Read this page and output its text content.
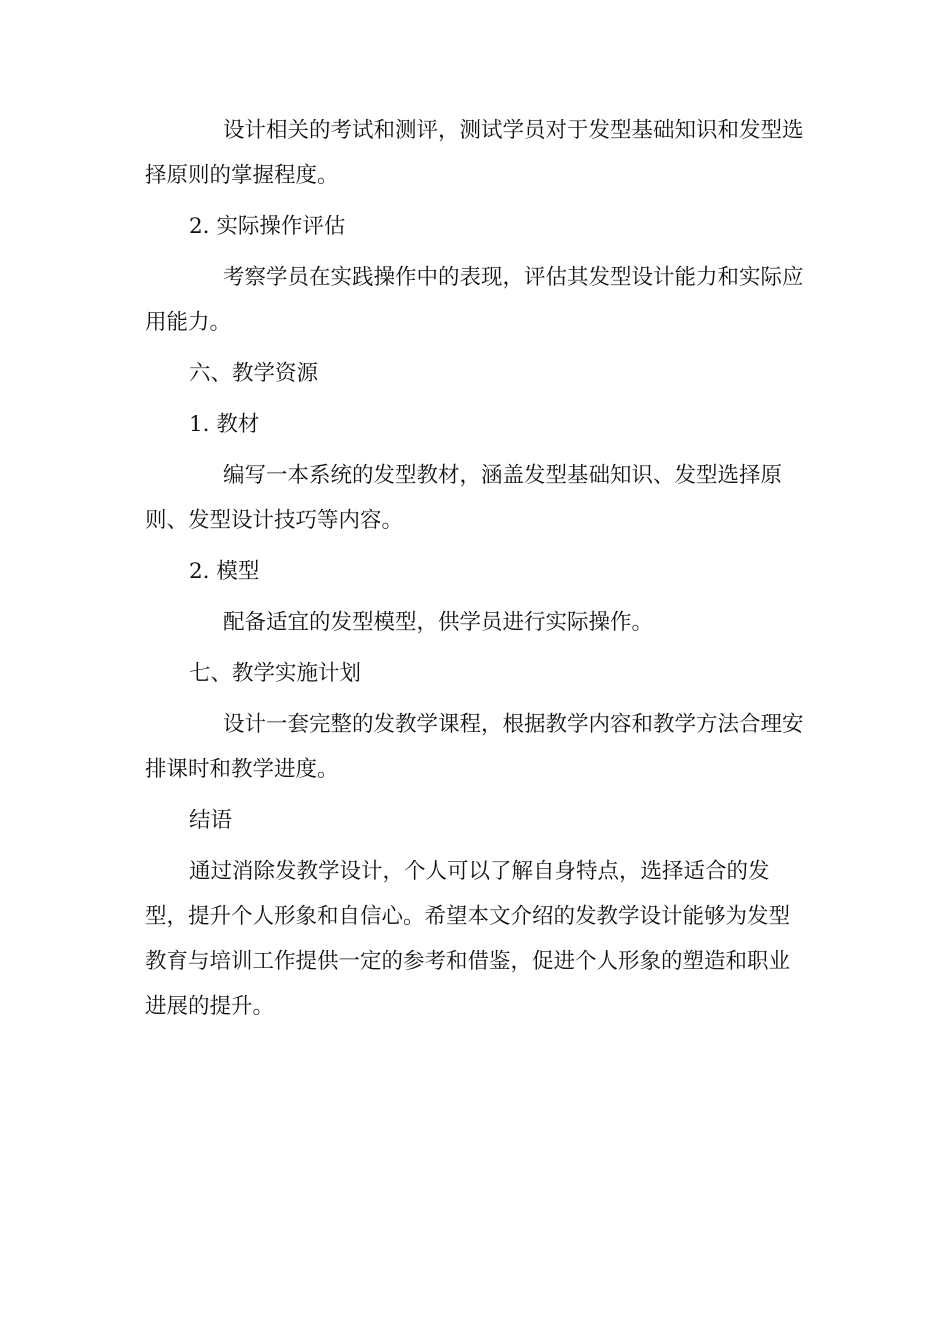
设计相关的考试和测评，测试学员对于发型基础知识和发型选择原则的掌握程度。

2. 实际操作评估

考察学员在实践操作中的表现，评估其发型设计能力和实际应用能力。

六、教学资源

1. 教材

编写一本系统的发型教材，涵盖发型基础知识、发型选择原则、发型设计技巧等内容。

2. 模型

配备适宜的发型模型，供学员进行实际操作。

七、教学实施计划

设计一套完整的发教学课程，根据教学内容和教学方法合理安排课时和教学进度。

结语

通过消除发教学设计，个人可以了解自身特点，选择适合的发型，提升个人形象和自信心。希望本文介绍的发教学设计能够为发型教育与培训工作提供一定的参考和借鉴，促进个人形象的塑造和职业进展的提升。
